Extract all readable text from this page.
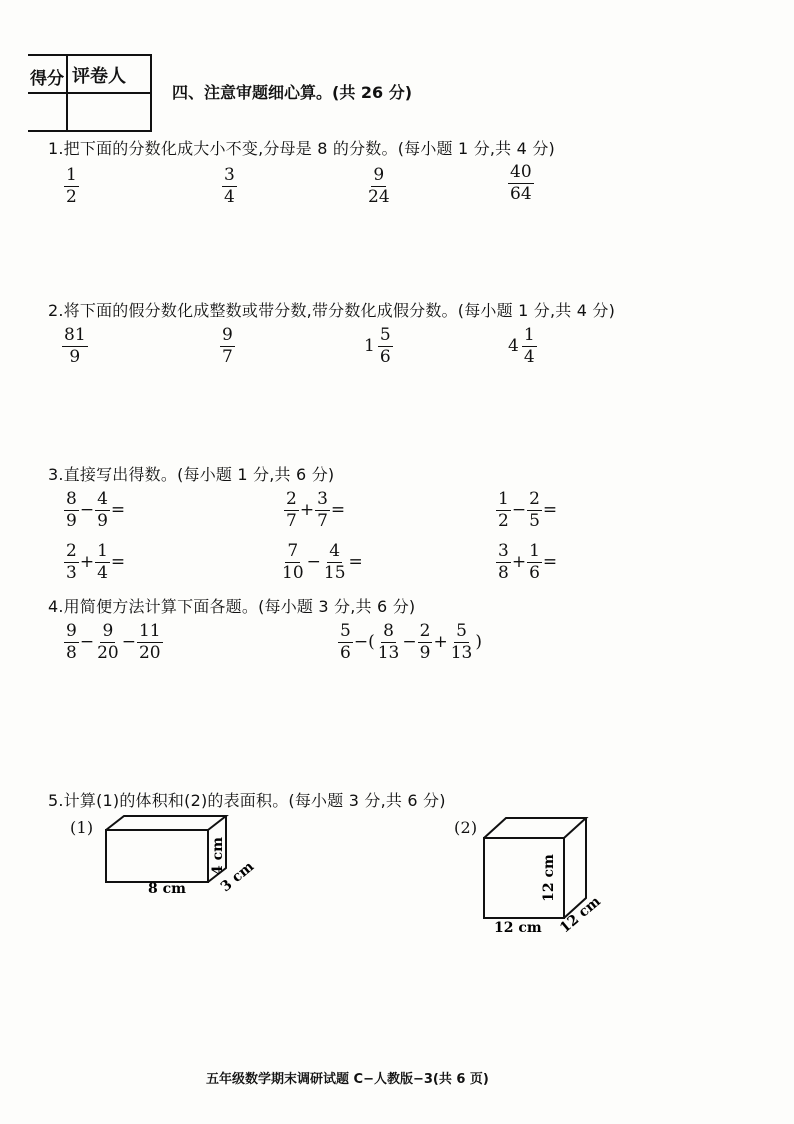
得分 评卷人
四、注意审题细心算。(共 26 分)
1.把下面的分数化成大小不变,分母是 8 的分数。(每小题 1 分,共 4 分)
$\frac{1}{2}$	$\frac{3}{4}$	$\frac{9}{24}$	$\frac{40}{64}$
2.将下面的假分数化成整数或带分数,带分数化成假分数。(每小题 1 分,共 4 分)
$\frac{81}{9}$	$\frac{9}{7}$	$1 \frac{5}{6}$	$4 \frac{1}{4}$
3.直接写出得数。(每小题 1 分,共 6 分)
$\frac{8}{9} - \frac{4}{9}$ =	$\frac{2}{7} + \frac{3}{7}$ =	$\frac{1}{2} - \frac{2}{5}$ =
$\frac{2}{3} + \frac{1}{4}$ =	$\frac{7}{10} - \frac{4}{15}$ =	$\frac{3}{8} + \frac{1}{6}$ =
4.用简便方法计算下面各题。(每小题 3 分,共 6 分)
$\frac{9}{8} - \frac{9}{20} - \frac{11}{20}$	$\frac{5}{6}$ −( $\frac{8}{13} - \frac{2}{9} + \frac{5}{13}$ )
5.计算(1)的体积和(2)的表面积。(每小题 3 分,共 6 分)
(1)
8 cm
4 cm
3 cm
(2)
12 cm
12 cm
12 cm
五年级数学期末调研试题 C−人教版−3(共 6 页)
